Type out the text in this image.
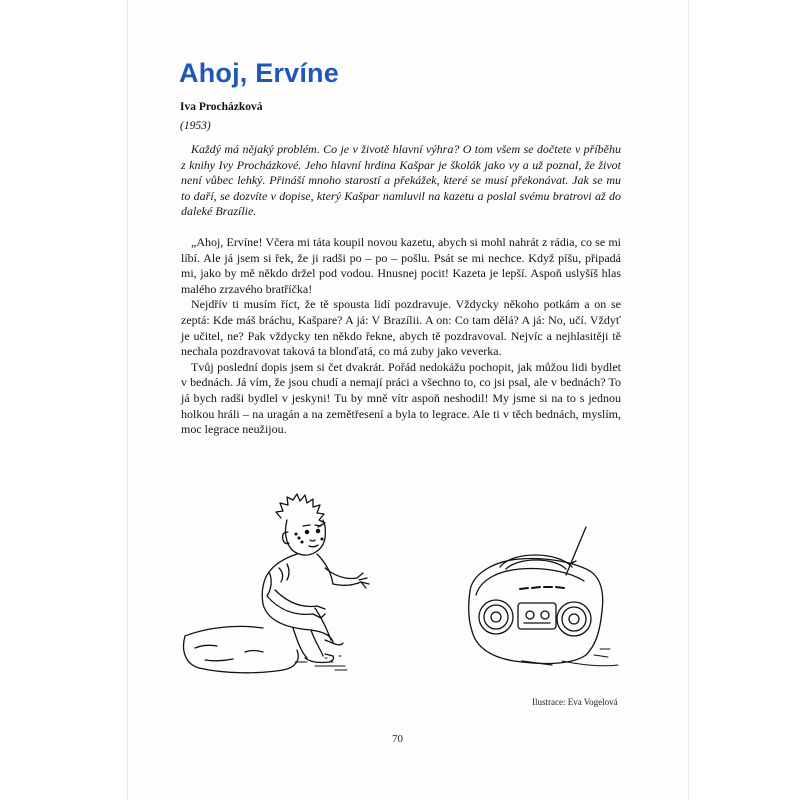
Ahoj, Ervíne
Iva Procházková
(1953)

Každý má nějaký problém. Co je v životě hlavní výhra? O tom všem se dočtete v příběhu z knihy Ivy Procházkové. Jeho hlavní hrdina Kašpar je školák jako vy a už poznal, že život není vůbec lehký. Přináší mnoho starostí a překážek, které se musí překonávat. Jak se mu to daří, se dozvíte v dopise, který Kašpar namluvil na kazetu a poslal svému bratrovi až do daleké Brazílie.

„Ahoj, Ervíne! Včera mi táta koupil novou kazetu, abych si mohl nahrát z rádia, co se mi líbí. Ale já jsem si řek, že ji radši po – po – pošlu. Psát se mi nechce. Když píšu, připadá mi, jako by mě někdo držel pod vodou. Hnusnej pocit! Kazeta je lepší. Aspoň uslyšíš hlas malého zrzavého bratříčka!

Nejdřív ti musím říct, že tě spousta lidí pozdravuje. Vždycky někoho potkám a on se zeptá: Kde máš bráchu, Kašpare? A já: V Brazílii. A on: Co tam dělá? A já: No, učí. Vždyť je učitel, ne? Pak vždycky ten někdo řekne, abych tě pozdravoval. Nejvíc a nejhlasitěji tě nechala pozdravovat taková ta blonďatá, co má zuby jako veverka.

Tvůj poslední dopis jsem si čet dvakrát. Pořád nedokážu pochopit, jak můžou lidi bydlet v bednách. Já vím, že jsou chudí a nemají práci a všechno to, co jsi psal, ale v bednách? To já bych radši bydlel v jeskyni! Tu by mně vítr aspoň neshodil! My jsme si na to s jednou holkou hráli – na uragán a na zemětřesení a byla to legrace. Ale ti v těch bednách, myslím, moc legrace neužijou.

Ilustrace: Eva Vogelová
70
